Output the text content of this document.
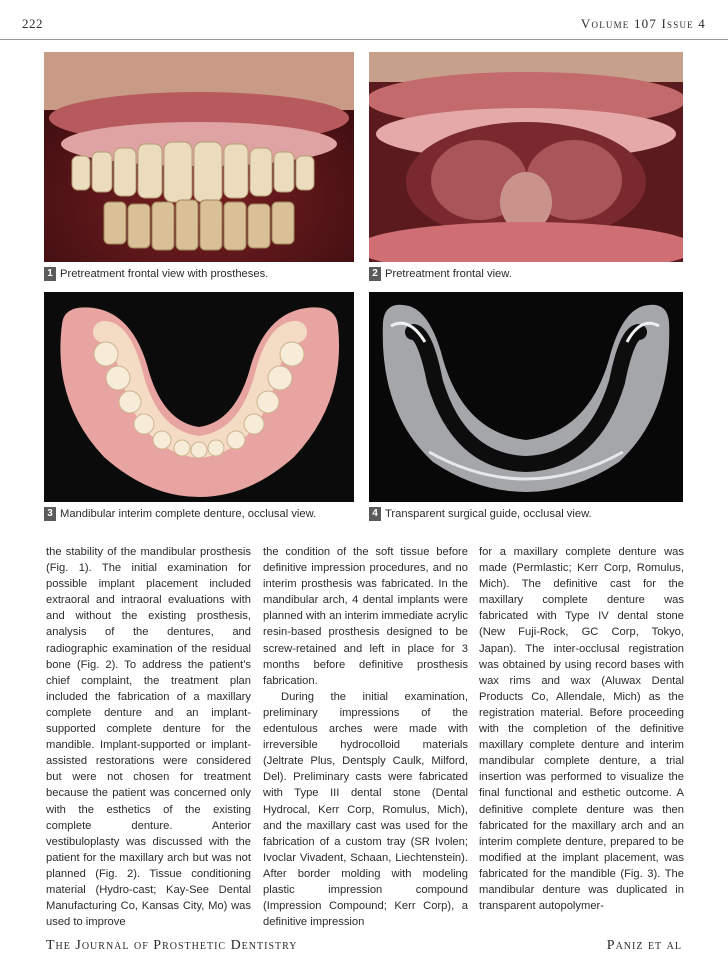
222	Volume 107 Issue 4
1 Pretreatment frontal view with prostheses.	2 Pretreatment frontal view.
3 Mandibular interim complete denture, occlusal view.	4 Transparent surgical guide, occlusal view.

the stability of the mandibular prosthesis (Fig. 1). The initial examination for possible implant placement included extraoral and intraoral evaluations with and without the existing prosthesis, analysis of the dentures, and radiographic examination of the residual bone (Fig. 2). To address the patient’s chief complaint, the treatment plan included the fabrication of a maxillary complete denture and an implant-supported complete denture for the mandible. Implant-supported or implant-assisted restorations were considered but were not chosen for treatment because the patient was concerned only with the esthetics of the existing complete denture. Anterior vestibuloplasty was discussed with the patient for the maxillary arch but was not planned (Fig. 2). Tissue conditioning material (Hydro-cast; Kay-See Dental Manufacturing Co, Kansas City, Mo) was used to improve

the condition of the soft tissue before definitive impression procedures, and no interim prosthesis was fabricated. In the mandibular arch, 4 dental implants were planned with an interim immediate acrylic resin-based prosthesis designed to be screw-retained and left in place for 3 months before definitive prosthesis fabrication.

During the initial examination, preliminary impressions of the edentulous arches were made with irreversible hydrocolloid materials (Jeltrate Plus, Dentsply Caulk, Milford, Del). Preliminary casts were fabricated with Type III dental stone (Dental Hydrocal, Kerr Corp, Romulus, Mich), and the maxillary cast was used for the fabrication of a custom tray (SR Ivolen; Ivoclar Vivadent, Schaan, Liechtenstein). After border molding with modeling plastic impression compound (Impression Compound; Kerr Corp), a definitive impression

for a maxillary complete denture was made (Permlastic; Kerr Corp, Romulus, Mich). The definitive cast for the maxillary complete denture was fabricated with Type IV dental stone (New Fuji-Rock, GC Corp, Tokyo, Japan). The inter-occlusal registration was obtained by using record bases with wax rims and wax (Aluwax Dental Products Co, Allendale, Mich) as the registration material. Before proceeding with the completion of the definitive maxillary complete denture and interim mandibular complete denture, a trial insertion was performed to visualize the final functional and esthetic outcome. A definitive complete denture was then fabricated for the maxillary arch and an interim complete denture, prepared to be modified at the implant placement, was fabricated for the mandible (Fig. 3). The mandibular denture was duplicated in transparent autopolymer-

The Journal of Prosthetic Dentistry	Paniz et al
